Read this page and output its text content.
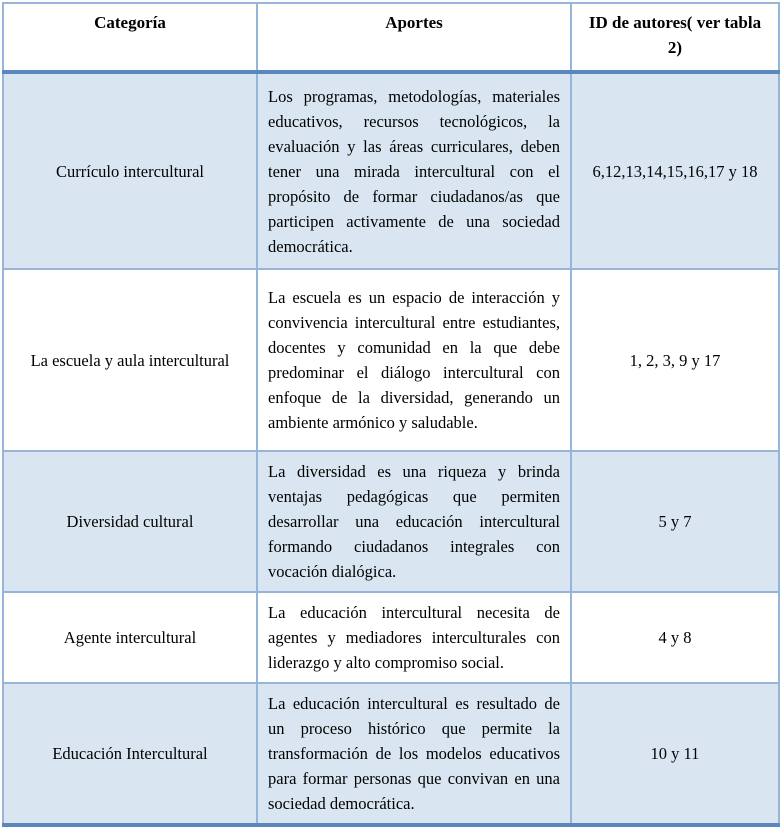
Categoría	Aportes	ID de autores( ver tabla 2)
Currículo intercultural	Los programas, metodologías, materiales educativos, recursos tecnológicos, la evaluación y las áreas curriculares, deben tener una mirada intercultural con el propósito de formar ciudadanos/as que participen activamente de una sociedad democrática.	6,12,13,14,15,16,17 y 18
La escuela y aula intercultural	La escuela es un espacio de interacción y convivencia intercultural entre estudiantes, docentes y comunidad en la que debe predominar el diálogo intercultural con enfoque de la diversidad, generando un ambiente armónico y saludable.	1, 2, 3, 9 y 17
Diversidad cultural	La diversidad es una riqueza y brinda ventajas pedagógicas que permiten desarrollar una educación intercultural formando ciudadanos integrales con vocación dialógica.	5 y 7
Agente intercultural	La educación intercultural necesita de agentes y mediadores interculturales con liderazgo y alto compromiso social.	4 y 8
Educación Intercultural	La educación intercultural es resultado de un proceso histórico que permite la transformación de los modelos educativos para formar personas que convivan en una sociedad democrática.	10 y 11
